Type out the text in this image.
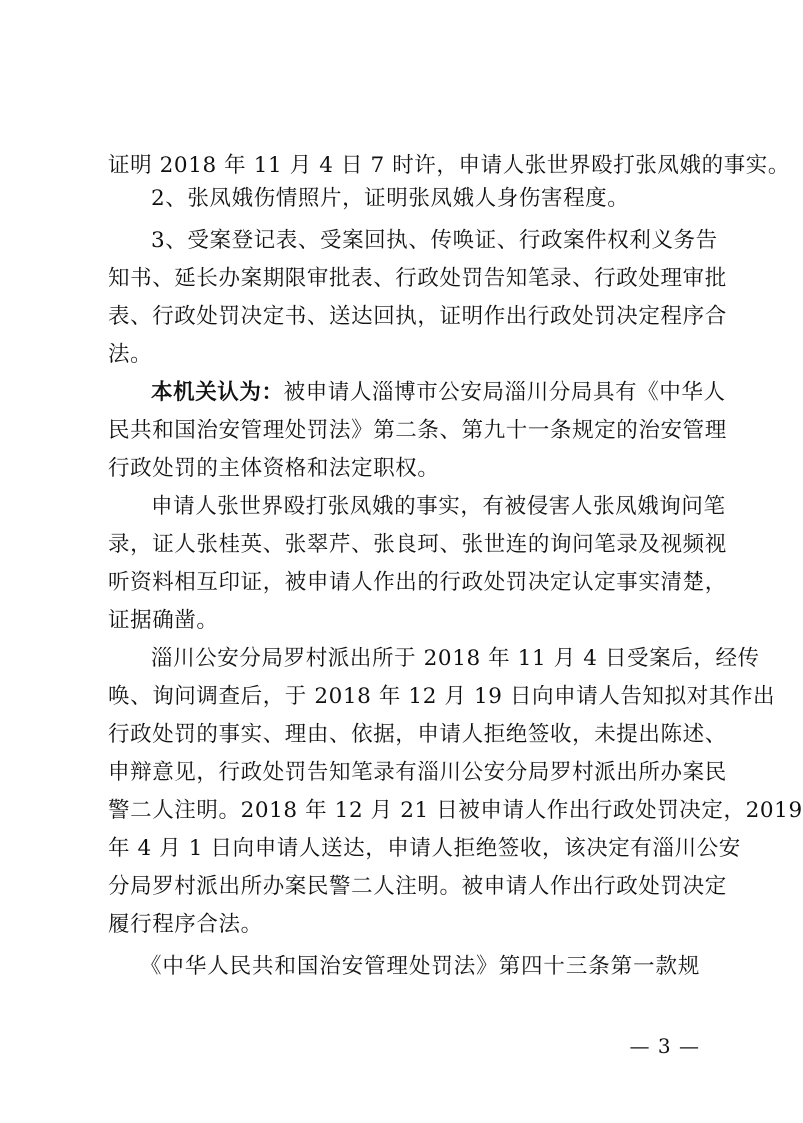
证明 2018 年 11 月 4 日 7 时许，申请人张世界殴打张凤娥的事实。
2、张凤娥伤情照片，证明张凤娥人身伤害程度。
3、受案登记表、受案回执、传唤证、行政案件权利义务告
知书、延长办案期限审批表、行政处罚告知笔录、行政处理审批
表、行政处罚决定书、送达回执，证明作出行政处罚决定程序合
法。
本机关认为：被申请人淄博市公安局淄川分局具有《中华人
民共和国治安管理处罚法》第二条、第九十一条规定的治安管理
行政处罚的主体资格和法定职权。
申请人张世界殴打张凤娥的事实，有被侵害人张凤娥询问笔
录，证人张桂英、张翠芹、张良珂、张世连的询问笔录及视频视
听资料相互印证，被申请人作出的行政处罚决定认定事实清楚，
证据确凿。
淄川公安分局罗村派出所于 2018 年 11 月 4 日受案后，经传
唤、询问调查后，于 2018 年 12 月 19 日向申请人告知拟对其作出
行政处罚的事实、理由、依据，申请人拒绝签收，未提出陈述、
申辩意见，行政处罚告知笔录有淄川公安分局罗村派出所办案民
警二人注明。2018 年 12 月 21 日被申请人作出行政处罚决定，2019
年 4 月 1 日向申请人送达，申请人拒绝签收，该决定有淄川公安
分局罗村派出所办案民警二人注明。被申请人作出行政处罚决定
履行程序合法。
《中华人民共和国治安管理处罚法》第四十三条第一款规
— 3 —
